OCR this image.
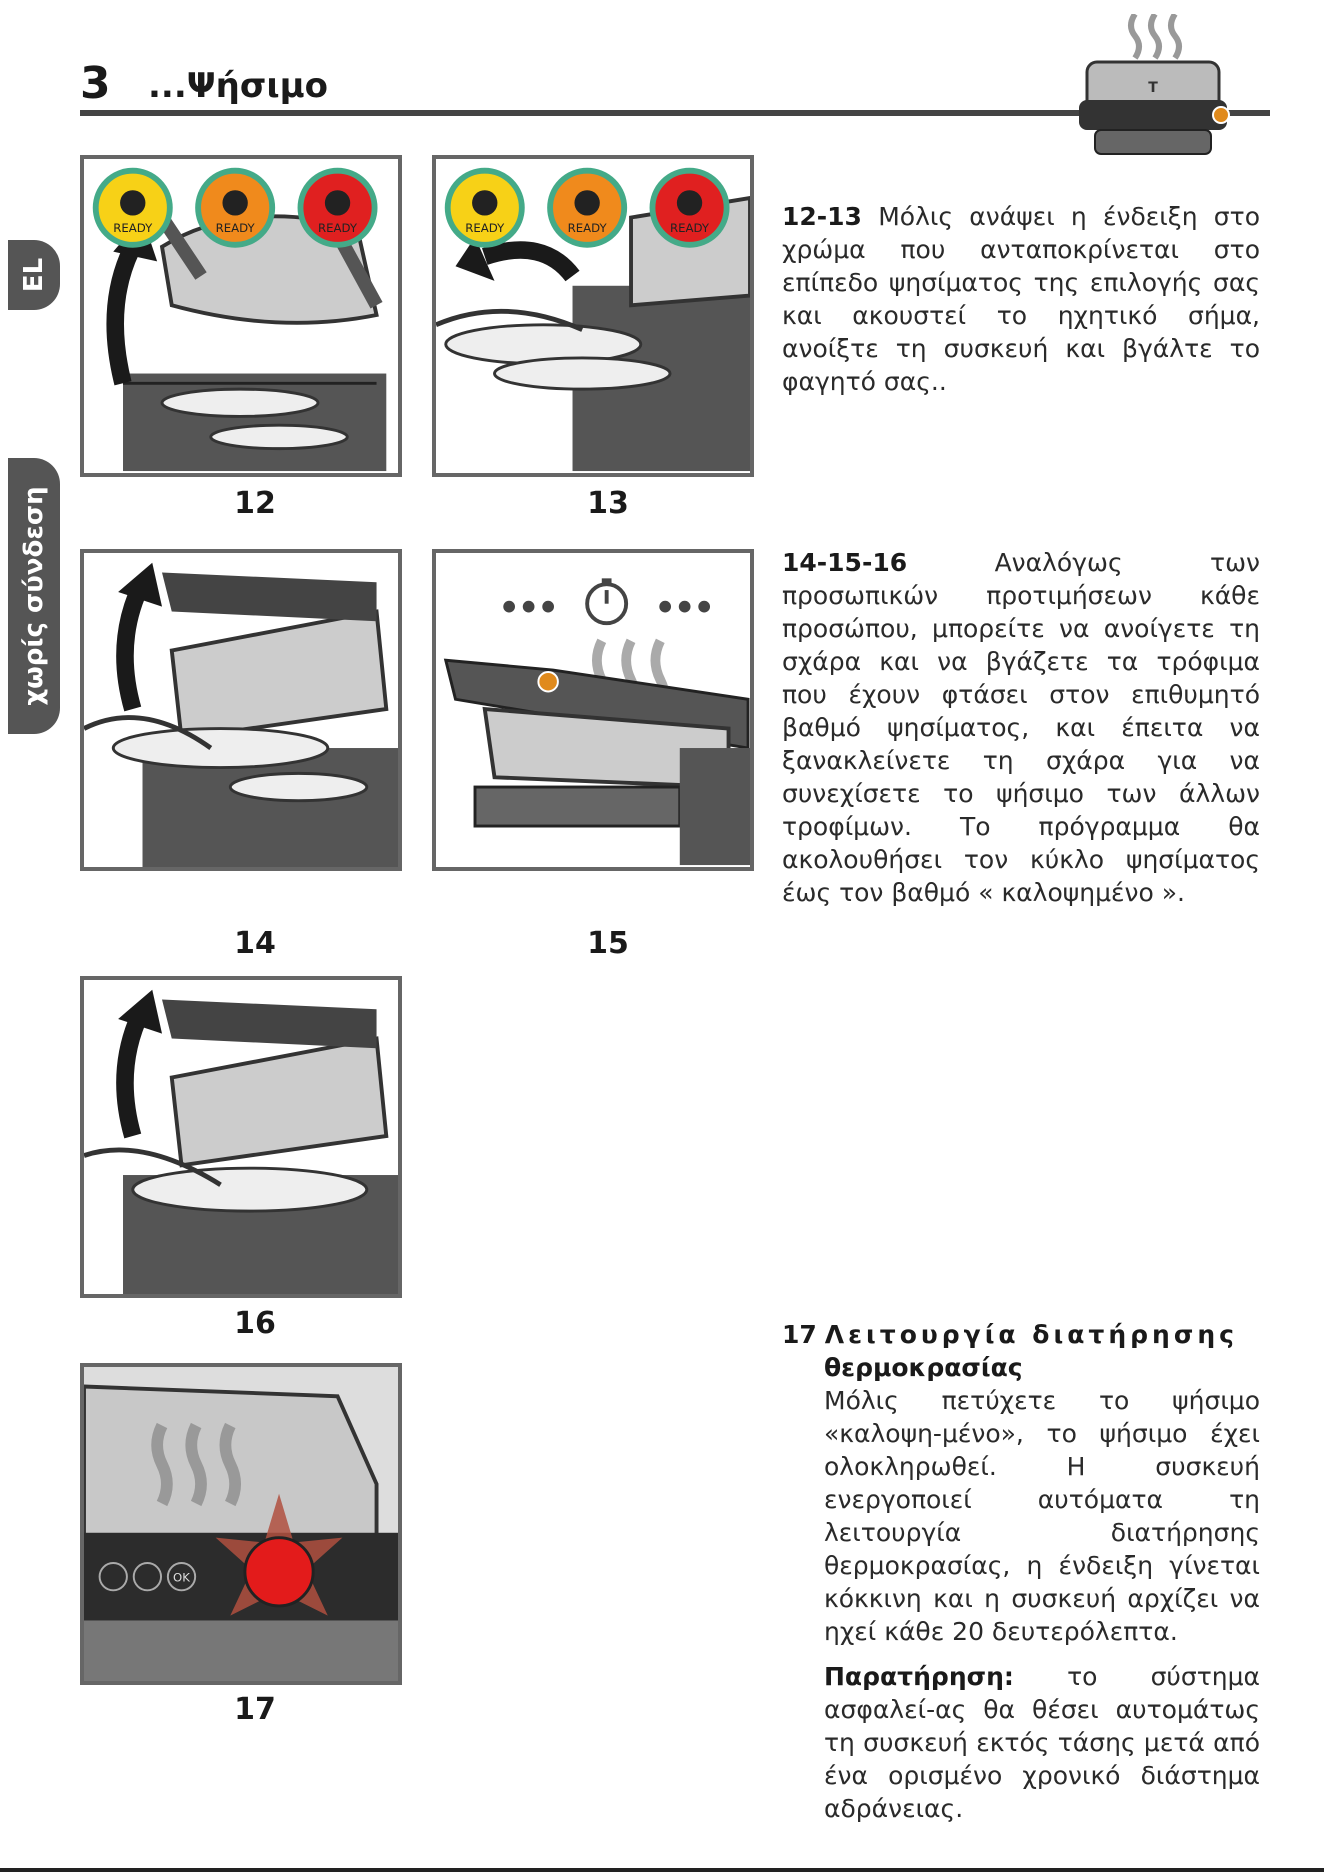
3 ...Ψήσιμο	T
EL
χωρίς σύνδεση
READY	READY	READY
12
READY	READY	READY
13
14	15
16
OK
17
12-13 Μόλις ανάψει η ένδειξη στο χρώμα που ανταποκρίνεται στο επίπεδο ψησίματος της επιλογής σας και ακουστεί το ηχητικό σήμα, ανοίξτε τη συσκευή και βγάλτε το φαγητό σας..
14-15-16	Αναλόγως των προσωπικών προτιμήσεων κάθε προσώπου, μπορείτε να ανοίγετε τη σχάρα και να βγάζετε τα τρόφιμα που έχουν φτάσει στον επιθυμητό βαθμό ψησίματος, και έπειτα να ξανακλείνετε τη σχάρα για να συνεχίσετε το ψήσιμο των άλλων τροφίμων. Το πρόγραμμα θα ακολουθήσει τον κύκλο ψησίματος έως τον βαθμό « καλοψημένο ».
17 Λειτουργία διατήρησης
θερμοκρασίας
Μόλις πετύχετε το ψήσιμο «καλοψη-μένο», το ψήσιμο έχει ολοκληρωθεί. Η συσκευή ενεργοποιεί αυτόματα τη λειτουργία διατήρησης θερμοκρασίας, η ένδειξη γίνεται κόκκινη και η συσκευή αρχίζει να ηχεί κάθε 20 δευτερόλεπτα.
Παρατήρηση: το σύστημα ασφαλεί-ας θα θέσει αυτομάτως τη συσκευή εκτός τάσης μετά από ένα ορισμένο χρονικό διάστημα αδράνειας.
